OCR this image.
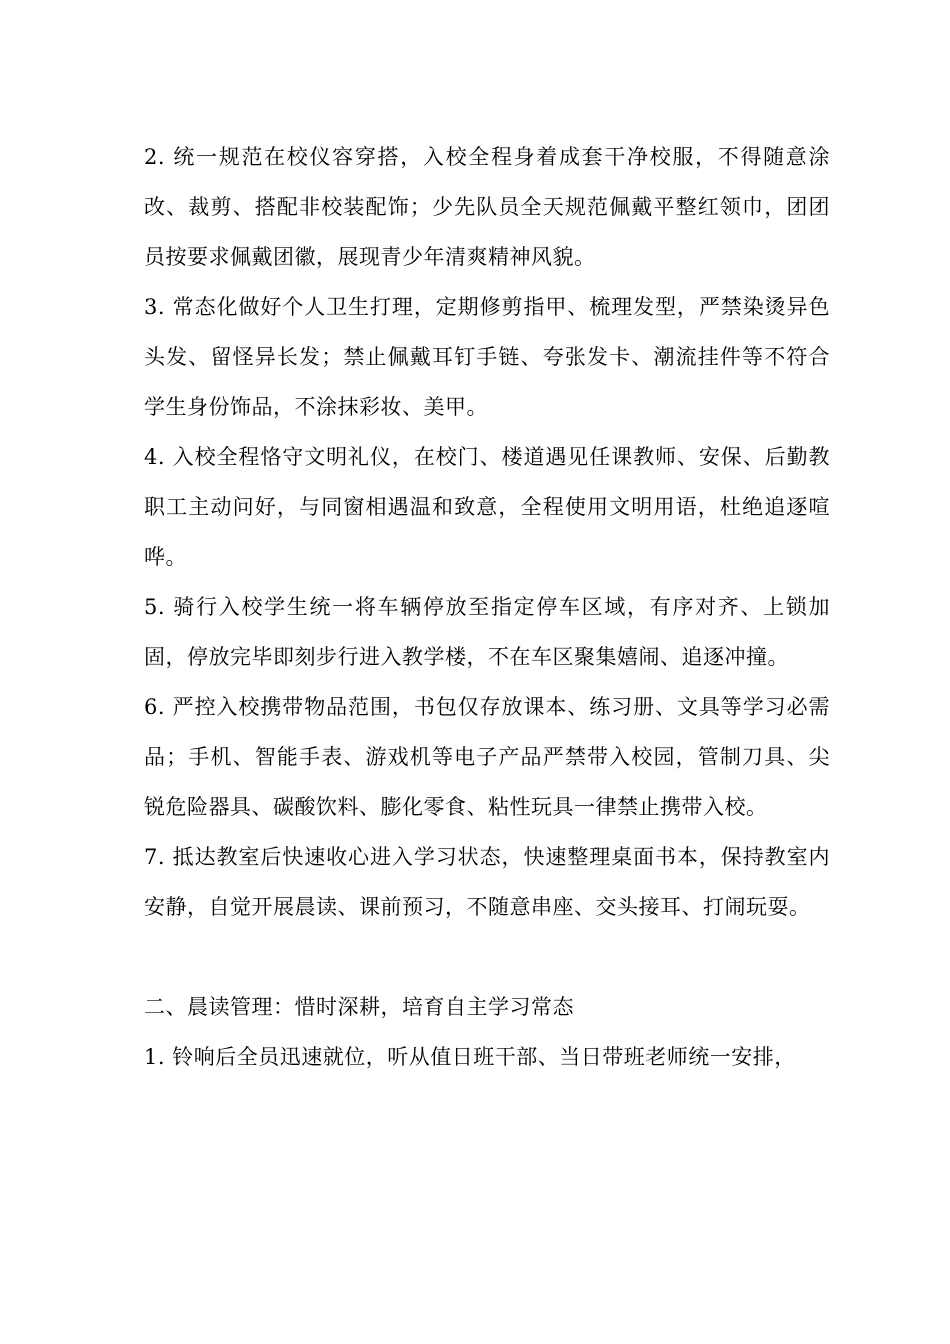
2. 统一规范在校仪容穿搭，入校全程身着成套干净校服，不得随意涂改、裁剪、搭配非校装配饰；少先队员全天规范佩戴平整红领巾，团团员按要求佩戴团徽，展现青少年清爽精神风貌。

3. 常态化做好个人卫生打理，定期修剪指甲、梳理发型，严禁染烫异色头发、留怪异长发；禁止佩戴耳钉手链、夸张发卡、潮流挂件等不符合学生身份饰品，不涂抹彩妆、美甲。

4. 入校全程恪守文明礼仪，在校门、楼道遇见任课教师、安保、后勤教职工主动问好，与同窗相遇温和致意，全程使用文明用语，杜绝追逐喧哗。

5. 骑行入校学生统一将车辆停放至指定停车区域，有序对齐、上锁加固，停放完毕即刻步行进入教学楼，不在车区聚集嬉闹、追逐冲撞。

6. 严控入校携带物品范围，书包仅存放课本、练习册、文具等学习必需品；手机、智能手表、游戏机等电子产品严禁带入校园，管制刀具、尖锐危险器具、碳酸饮料、膨化零食、粘性玩具一律禁止携带入校。

7. 抵达教室后快速收心进入学习状态，快速整理桌面书本，保持教室内安静，自觉开展晨读、课前预习，不随意串座、交头接耳、打闹玩耍。

二、晨读管理：惜时深耕，培育自主学习常态

1. 铃响后全员迅速就位，听从值日班干部、当日带班老师统一安排，
